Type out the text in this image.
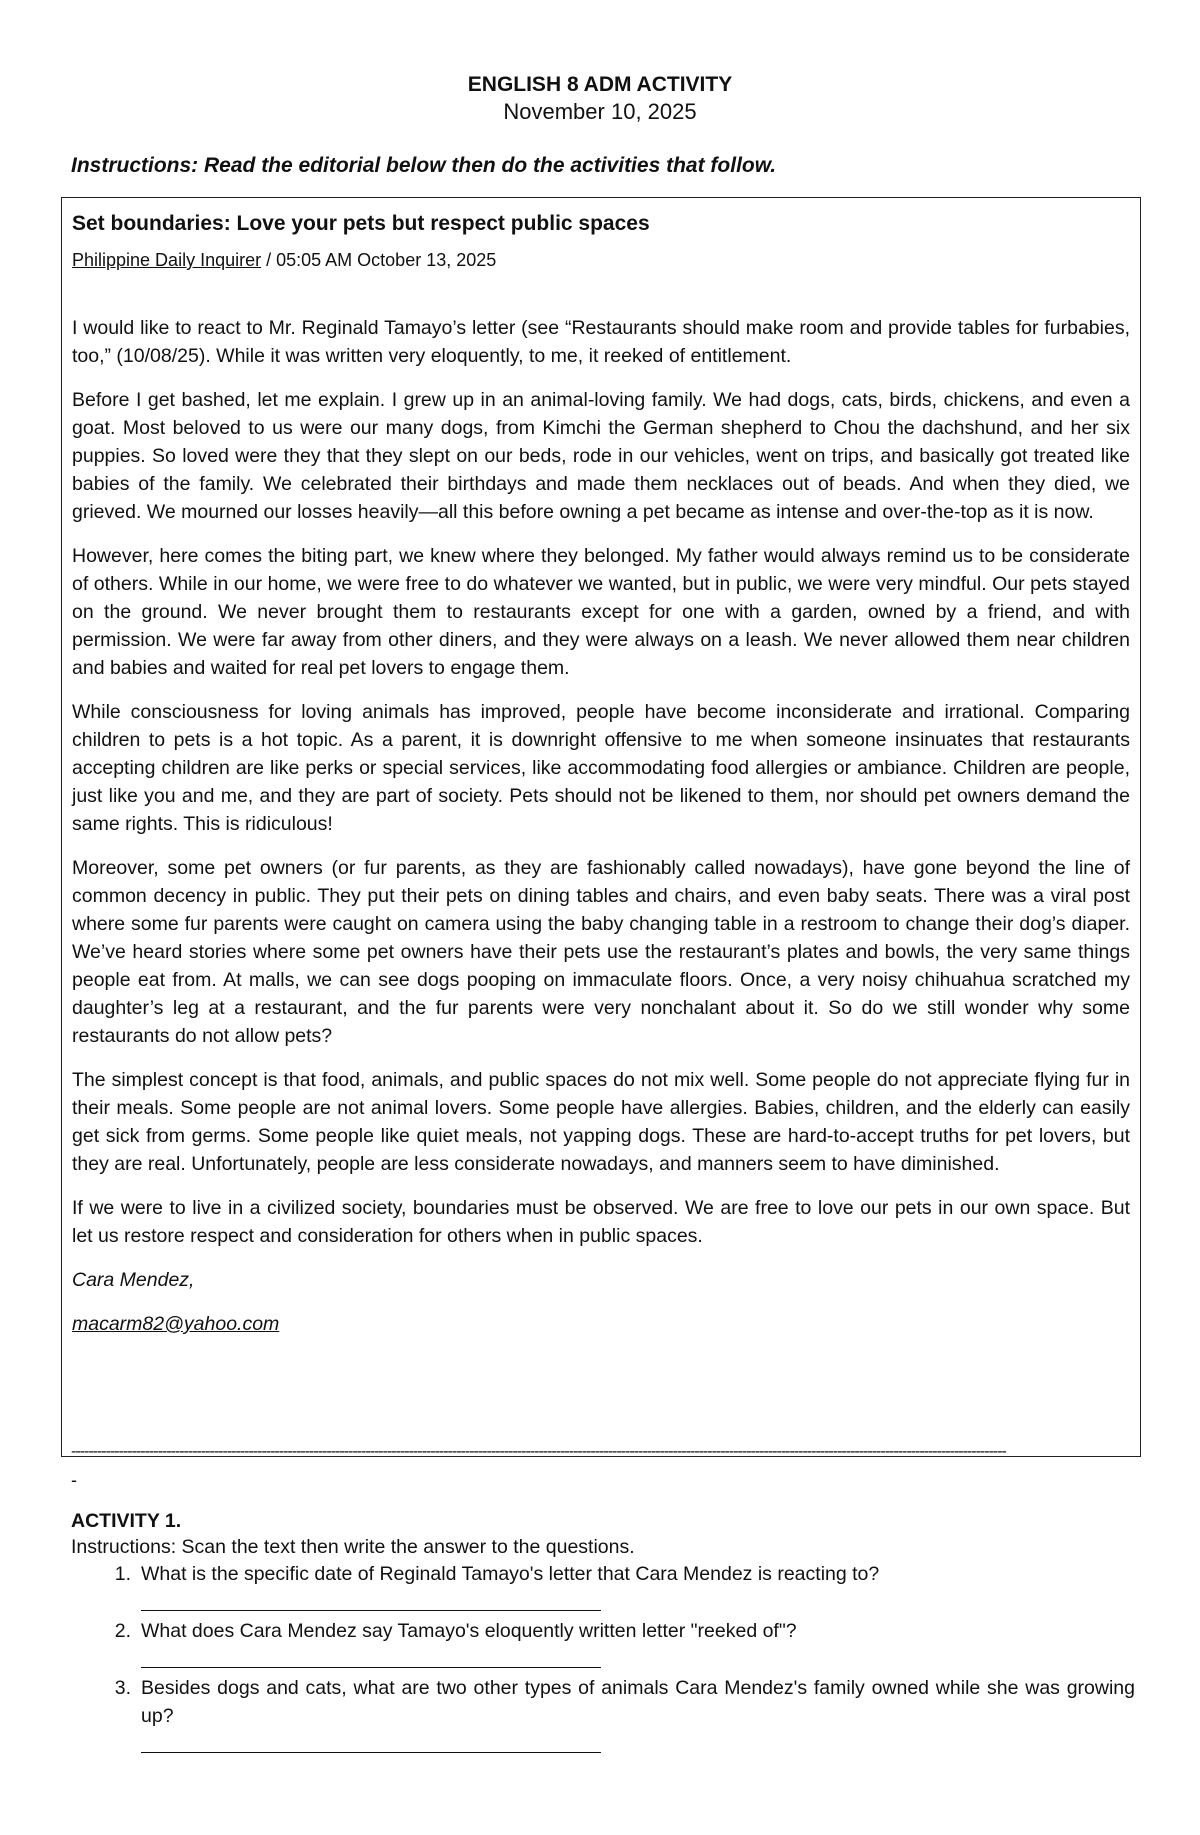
ENGLISH 8 ADM ACTIVITY
November 10, 2025
Instructions: Read the editorial below then do the activities that follow.
Set boundaries: Love your pets but respect public spaces
Philippine Daily Inquirer / 05:05 AM October 13, 2025

I would like to react to Mr. Reginald Tamayo’s letter (see “Restaurants should make room and provide tables for furbabies, too,” (10/08/25). While it was written very eloquently, to me, it reeked of entitlement.

Before I get bashed, let me explain. I grew up in an animal-loving family. We had dogs, cats, birds, chickens, and even a goat. Most beloved to us were our many dogs, from Kimchi the German shepherd to Chou the dachshund, and her six puppies. So loved were they that they slept on our beds, rode in our vehicles, went on trips, and basically got treated like babies of the family. We celebrated their birthdays and made them necklaces out of beads. And when they died, we grieved. We mourned our losses heavily—all this before owning a pet became as intense and over-the-top as it is now.

However, here comes the biting part, we knew where they belonged. My father would always remind us to be considerate of others. While in our home, we were free to do whatever we wanted, but in public, we were very mindful. Our pets stayed on the ground. We never brought them to restaurants except for one with a garden, owned by a friend, and with permission. We were far away from other diners, and they were always on a leash. We never allowed them near children and babies and waited for real pet lovers to engage them.

While consciousness for loving animals has improved, people have become inconsiderate and irrational. Comparing children to pets is a hot topic. As a parent, it is downright offensive to me when someone insinuates that restaurants accepting children are like perks or special services, like accommodating food allergies or ambiance. Children are people, just like you and me, and they are part of society. Pets should not be likened to them, nor should pet owners demand the same rights. This is ridiculous!

Moreover, some pet owners (or fur parents, as they are fashionably called nowadays), have gone beyond the line of common decency in public. They put their pets on dining tables and chairs, and even baby seats. There was a viral post where some fur parents were caught on camera using the baby changing table in a restroom to change their dog’s diaper. We’ve heard stories where some pet owners have their pets use the restaurant’s plates and bowls, the very same things people eat from. At malls, we can see dogs pooping on immaculate floors. Once, a very noisy chihuahua scratched my daughter’s leg at a restaurant, and the fur parents were very nonchalant about it. So do we still wonder why some restaurants do not allow pets?

The simplest concept is that food, animals, and public spaces do not mix well. Some people do not appreciate flying fur in their meals. Some people are not animal lovers. Some people have allergies. Babies, children, and the elderly can easily get sick from germs. Some people like quiet meals, not yapping dogs. These are hard-to-accept truths for pet lovers, but they are real. Unfortunately, people are less considerate nowadays, and manners seem to have diminished.

If we were to live in a civilized society, boundaries must be observed. We are free to love our pets in our own space. But let us restore respect and consideration for others when in public spaces.

Cara Mendez,

macarm82@yahoo.com

------------------------------------------------------------------------------------------------------------------------------------------------------------------------------------------------------------------------
-
ACTIVITY 1.
Instructions: Scan the text then write the answer to the questions.
1. What is the specific date of Reginald Tamayo's letter that Cara Mendez is reacting to?
2. What does Cara Mendez say Tamayo's eloquently written letter "reeked of"?
3. Besides dogs and cats, what are two other types of animals Cara Mendez's family owned while she was growing up?
